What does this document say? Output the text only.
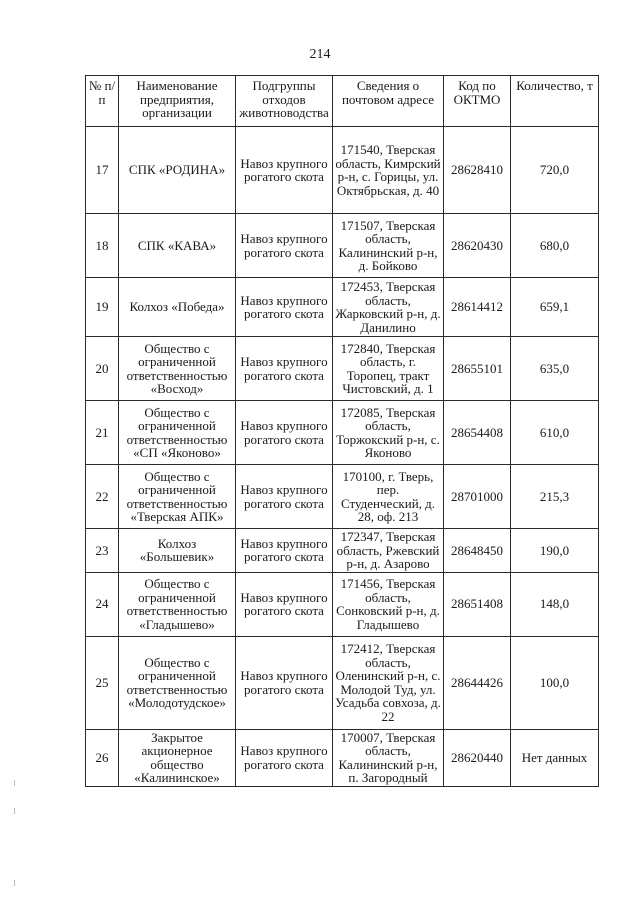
214
№ п/п	Наименование предприятия, организации	Подгруппы отходов животноводства	Сведения о почтовом адресе	Код по ОКТМО	Количество, т
17	СПК «РОДИНА»	Навоз крупного рогатого скота	171540, Тверская область, Кимрский р-н, с. Горицы, ул. Октябрьская, д. 40	28628410	720,0
18	СПК «КАВА»	Навоз крупного рогатого скота	171507, Тверская область, Калининский р-н, д. Бойково	28620430	680,0
19	Колхоз «Победа»	Навоз крупного рогатого скота	172453, Тверская область, Жарковский р-н, д. Данилино	28614412	659,1
20	Общество с ограниченной ответственностью «Восход»	Навоз крупного рогатого скота	172840, Тверская область, г. Торопец, тракт Чистовский, д. 1	28655101	635,0
21	Общество с ограниченной ответственностью «СП «Яконово»	Навоз крупного рогатого скота	172085, Тверская область, Торжокский р-н, с. Яконово	28654408	610,0
22	Общество с ограниченной ответственностью «Тверская АПК»	Навоз крупного рогатого скота	170100, г. Тверь, пер. Студенческий, д. 28, оф. 213	28701000	215,3
23	Колхоз «Большевик»	Навоз крупного рогатого скота	172347, Тверская область, Ржевский р-н, д. Азарово	28648450	190,0
24	Общество с ограниченной ответственностью «Гладышево»	Навоз крупного рогатого скота	171456, Тверская область, Сонковский р-н, д. Гладышево	28651408	148,0
25	Общество с ограниченной ответственностью «Молодотудское»	Навоз крупного рогатого скота	172412, Тверская область, Оленинский р-н, с. Молодой Туд, ул. Усадьба совхоза, д. 22	28644426	100,0
26	Закрытое акционерное общество «Калининское»	Навоз крупного рогатого скота	170007, Тверская область, Калининский р-н, п. Загородный	28620440	Нет данных
